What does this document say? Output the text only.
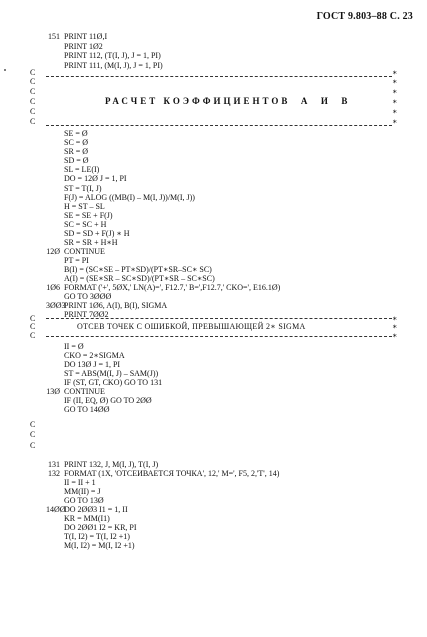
ГОСТ 9.803–88 С. 23
151 PRINT 11Ø,I
PRINT 1Ø2
PRINT 112, (T(I, J), J = 1, PI)
PRINT 111, (M(I, J), J = 1, PI)
C
C
C
C
C
C
SE = Ø
SC = Ø
SR = Ø
SD = Ø
SL = LE(I)
DO = 12Ø J = 1, PI
ST = T(I, J)
F(J) = ALOG ((MB(I) – M(I, J))/M(I, J))
H = ST – SL
SE = SE + F(J)
SC = SC + H
SD = SD + F(J) ∗ H
SR = SR + H∗H
12Ø CONTINUE
PT = PI
B(I) = (SC∗SE – PT∗SD)/(PT∗SR–SC∗ SC)
A(I) = (SE∗SR – SC∗SD)/(PT∗SR – SC∗SC)
1Ø6 FORMAT ('+', 5ØX,' LN(A)=', F12.7,' B=',F12.7,' CKO=', E16.1Ø)
GO TO 3ØØØ
3ØØ3
PRINT 1Ø6, A(I), B(I), SIGMA
PRINT 7ØØ2
C
C
C
II = Ø
CKO = 2∗SIGMA
DO 13Ø J = 1, PI
ST = ABS(M(I, J) – SAM(J))
IF (ST, GT, CKO) GO TO 131
13Ø CONTINUE
IF (II, EQ, Ø) GO TO 2ØØ
GO TO 14ØØ
C
C
C
131 PRINT 132, J, M(I, J), T(I, J)
132 FORMAT (1X, 'ОТСЕИВАЕТСЯ ТОЧКА', 12,' M=', F5, 2,'T', 14)
II = II + 1
MM(II) = J
GO TO 13Ø
14ØØ
DO 2ØØ3 I1 = 1, II
KR = MM(I1)
DO 2ØØ1 I2 = KR, PI
T(I, I2) = T(I, I2 +1)
M(I, I2) = M(I, I2 +1)
РАСЧЕТ КОЭФФИЦИЕНТОВ  А  И  В
ОТСЕВ ТОЧЕК С ОШИБКОЙ, ПРЕВЫШАЮЩЕЙ 2∗ SIGMA
∗
∗
∗
∗
∗
∗
∗
∗
∗
